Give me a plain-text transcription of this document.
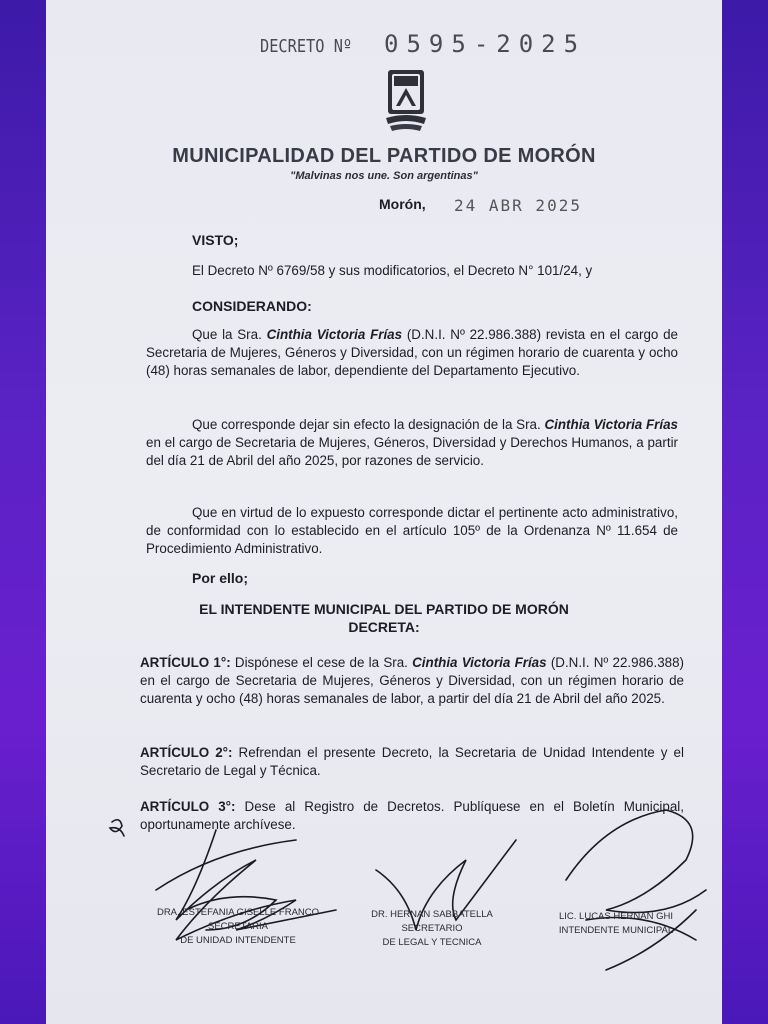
DECRETO Nº 0595-2025
MUNICIPALIDAD DEL PARTIDO DE MORÓN
"Malvinas nos une. Son argentinas"
Morón, 24 ABR 2025
VISTO;
El Decreto Nº 6769/58 y sus modificatorios, el Decreto N° 101/24, y
CONSIDERANDO:
Que la Sra. Cinthia Victoria Frías (D.N.I. Nº 22.986.388) revista en el cargo de Secretaria de Mujeres, Géneros y Diversidad, con un régimen horario de cuarenta y ocho (48) horas semanales de labor, dependiente del Departamento Ejecutivo.
Que corresponde dejar sin efecto la designación de la Sra. Cinthia Victoria Frías en el cargo de Secretaria de Mujeres, Géneros, Diversidad y Derechos Humanos, a partir del día 21 de Abril del año 2025, por razones de servicio.
Que en virtud de lo expuesto corresponde dictar el pertinente acto administrativo, de conformidad con lo establecido en el artículo 105º de la Ordenanza Nº 11.654 de Procedimiento Administrativo.
Por ello;
EL INTENDENTE MUNICIPAL DEL PARTIDO DE MORÓN
DECRETA:
ARTÍCULO 1°: Dispónese el cese de la Sra. Cinthia Victoria Frías (D.N.I. Nº 22.986.388) en el cargo de Secretaria de Mujeres, Géneros y Diversidad, con un régimen horario de cuarenta y ocho (48) horas semanales de labor, a partir del día 21 de Abril del año 2025.
ARTÍCULO 2°: Refrendan el presente Decreto, la Secretaria de Unidad Intendente y el Secretario de Legal y Técnica.
ARTÍCULO 3°: Dese al Registro de Decretos. Publíquese en el Boletín Municipal, oportunamente archívese.
DRA. ESTEFANIA GISELLE FRANCO
SECRETARIA
DE UNIDAD INTENDENTE
DR. HERNAN SABBATELLA
SECRETARIO
DE LEGAL Y TECNICA
LIC. LUCAS HERNAN GHI
INTENDENTE MUNICIPAL
